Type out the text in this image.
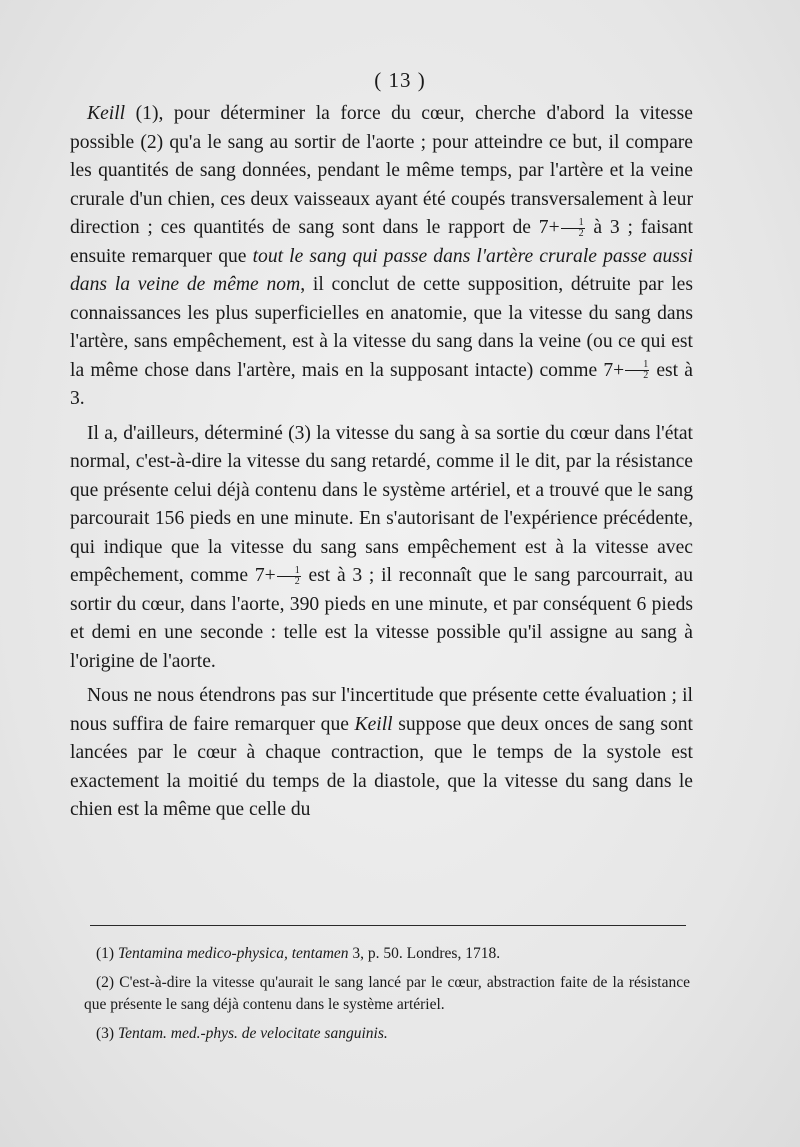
( 13 )

Keill (1), pour déterminer la force du cœur, cherche d'abord la vitesse possible (2) qu'a le sang au sortir de l'aorte ; pour atteindre ce but, il compare les quantités de sang données, pendant le même temps, par l'artère et la veine crurale d'un chien, ces deux vaisseaux ayant été coupés transversalement à leur direction ; ces quantités de sang sont dans le rapport de $7+ \frac{1}{2}$ à 3 ; faisant ensuite remarquer que tout le sang qui passe dans l'artère crurale passe aussi dans la veine de même nom, il conclut de cette supposition, détruite par les connaissances les plus superficielles en anatomie, que la vitesse du sang dans l'artère, sans empêchement, est à la vitesse du sang dans la veine (ou ce qui est la même chose dans l'artère, mais en la supposant intacte) comme $7+ \frac{1}{2}$ est à 3.

Il a, d'ailleurs, déterminé (3) la vitesse du sang à sa sortie du cœur dans l'état normal, c'est-à-dire la vitesse du sang retardé, comme il le dit, par la résistance que présente celui déjà contenu dans le système artériel, et a trouvé que le sang parcourait 156 pieds en une minute. En s'autorisant de l'expérience précédente, qui indique que la vitesse du sang sans empêchement est à la vitesse avec empêchement, comme $7+ \frac{1}{2}$ est à 3 ; il reconnaît que le sang parcourrait, au sortir du cœur, dans l'aorte, 390 pieds en une minute, et par conséquent 6 pieds et demi en une seconde : telle est la vitesse possible qu'il assigne au sang à l'origine de l'aorte.

Nous ne nous étendrons pas sur l'incertitude que présente cette évaluation ; il nous suffira de faire remarquer que Keill suppose que deux onces de sang sont lancées par le cœur à chaque contraction, que le temps de la systole est exactement la moitié du temps de la diastole, que la vitesse du sang dans le chien est la même que celle du

(1) Tentamina medico-physica, tentamen 3, p. 50. Londres, 1718.

(2) C'est-à-dire la vitesse qu'aurait le sang lancé par le cœur, abstraction faite de la résistance que présente le sang déjà contenu dans le système artériel.

(3) Tentam. med.-phys. de velocitate sanguinis.
